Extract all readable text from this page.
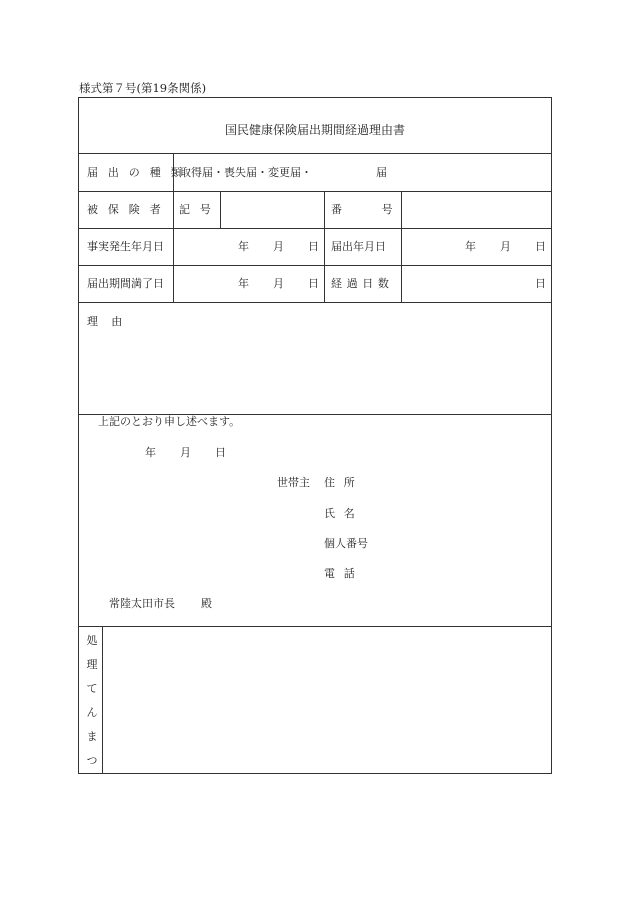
様式第７号(第19条関係)
国民健康保険届出期間経過理由書
届出の種類
取得届・喪失届・変更届・	届
被保険者 記号	番号
事実発生年月日	年 月 日 届出年月日	年 月 日
届出期間満了日	年 月 日 経過日数	日
理由
上記のとおり申し述べます。
年 月 日
世帯主 住所
氏名
個人番号
電話
常陸太田市長 殿
処
理
て
ん
ま
つ
